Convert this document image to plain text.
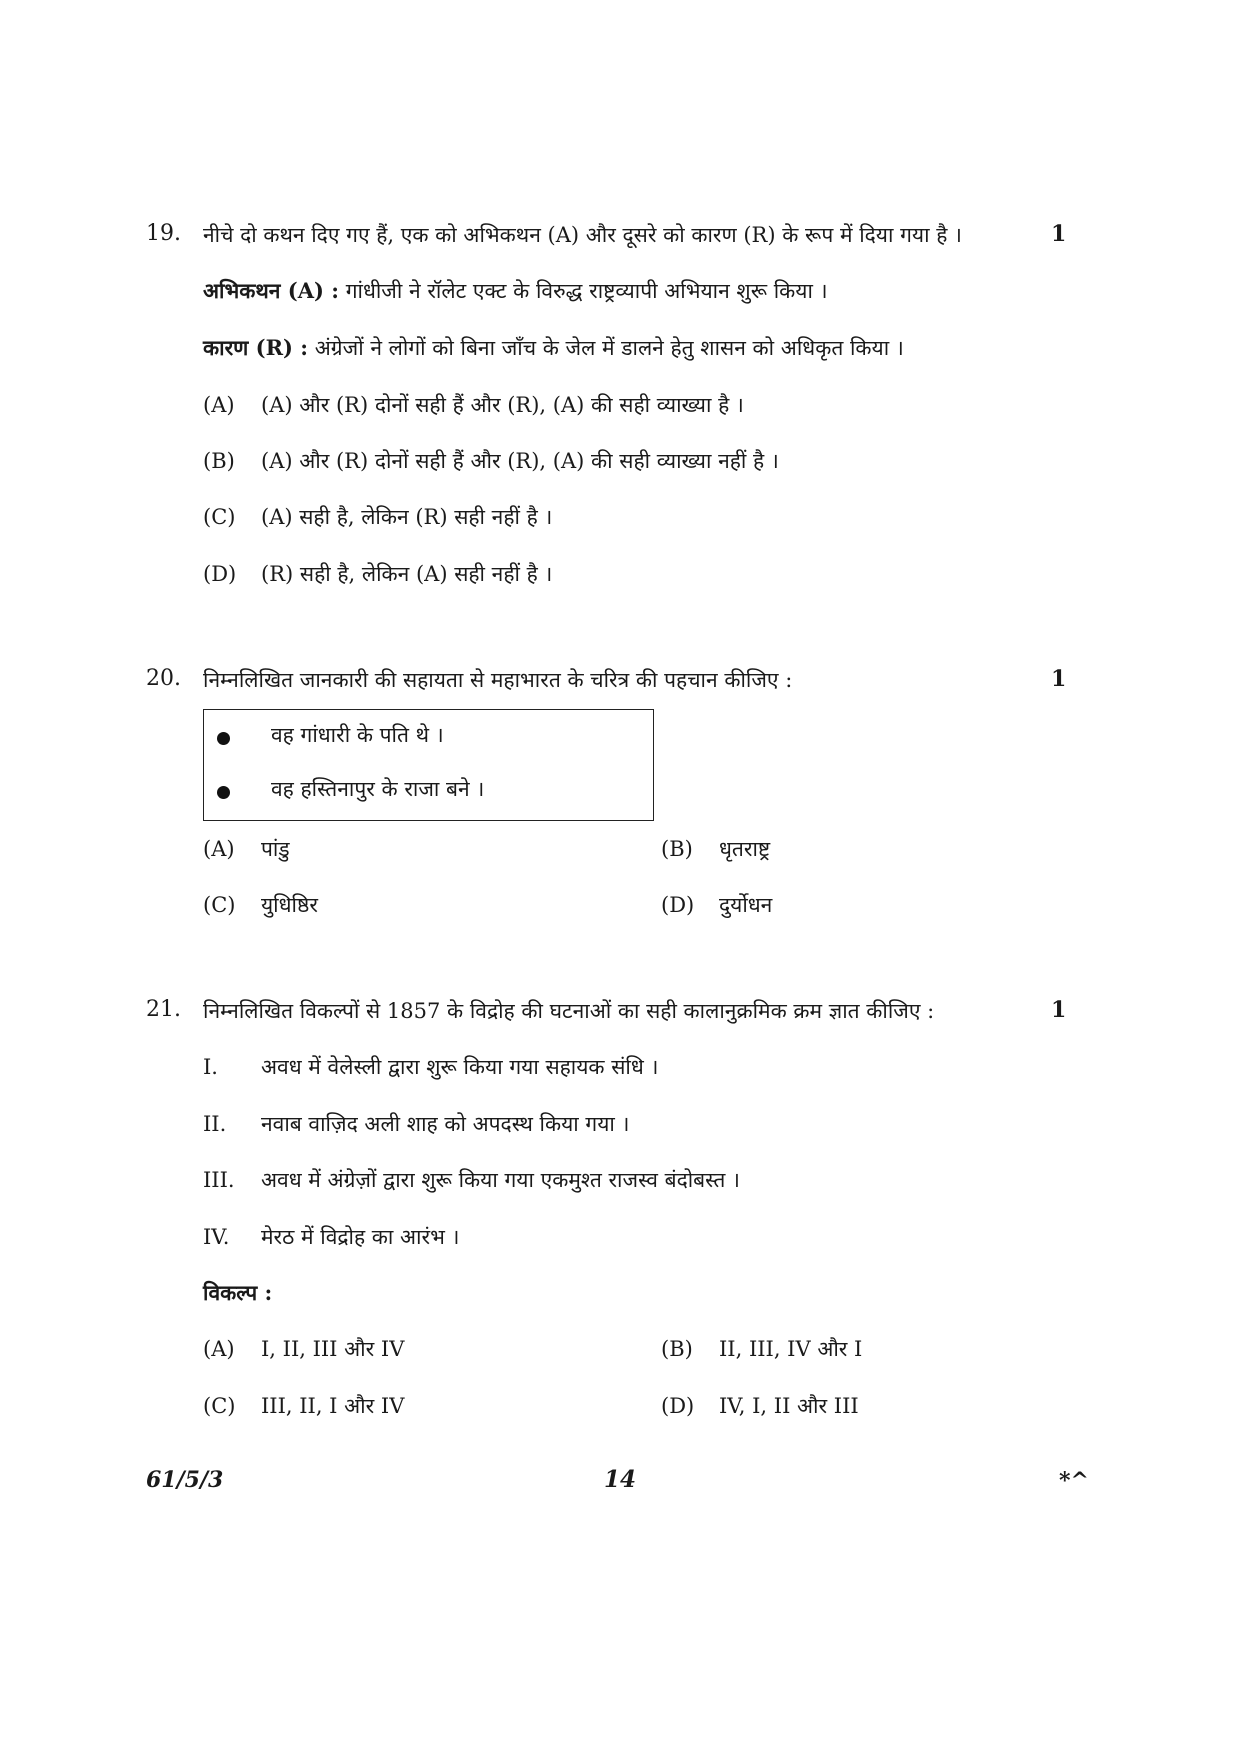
19. नीचे दो कथन दिए गए हैं, एक को अभिकथन (A) और दूसरे को कारण (R) के रूप में दिया गया है ।	1
अभिकथन (A) : गांधीजी ने रॉलेट एक्ट के विरुद्ध राष्ट्रव्यापी अभियान शुरू किया ।
कारण (R) : अंग्रेजों ने लोगों को बिना जाँच के जेल में डालने हेतु शासन को अधिकृत किया ।
(A) (A) और (R) दोनों सही हैं और (R), (A) की सही व्याख्या है ।
(B) (A) और (R) दोनों सही हैं और (R), (A) की सही व्याख्या नहीं है ।
(C) (A) सही है, लेकिन (R) सही नहीं है ।
(D) (R) सही है, लेकिन (A) सही नहीं है ।
20. निम्नलिखित जानकारी की सहायता से महाभारत के चरित्र की पहचान कीजिए :	1
वह गांधारी के पति थे ।
वह हस्तिनापुर के राजा बने ।
(A) पांडु	(B) धृतराष्ट्र
(C) युधिष्ठिर	(D) दुर्योधन
21. निम्नलिखित विकल्पों से 1857 के विद्रोह की घटनाओं का सही कालानुक्रमिक क्रम ज्ञात कीजिए :	1
I. अवध में वेलेस्ली द्वारा शुरू किया गया सहायक संधि ।
II. नवाब वाज़िद अली शाह को अपदस्थ किया गया ।
III. अवध में अंग्रेज़ों द्वारा शुरू किया गया एकमुश्त राजस्व बंदोबस्त ।
IV. मेरठ में विद्रोह का आरंभ ।
विकल्प :
(A) I, II, III और IV	(B) II, III, IV और I
(C) III, II, I और IV	(D) IV, I, II और III
61/5/3	14	*^
